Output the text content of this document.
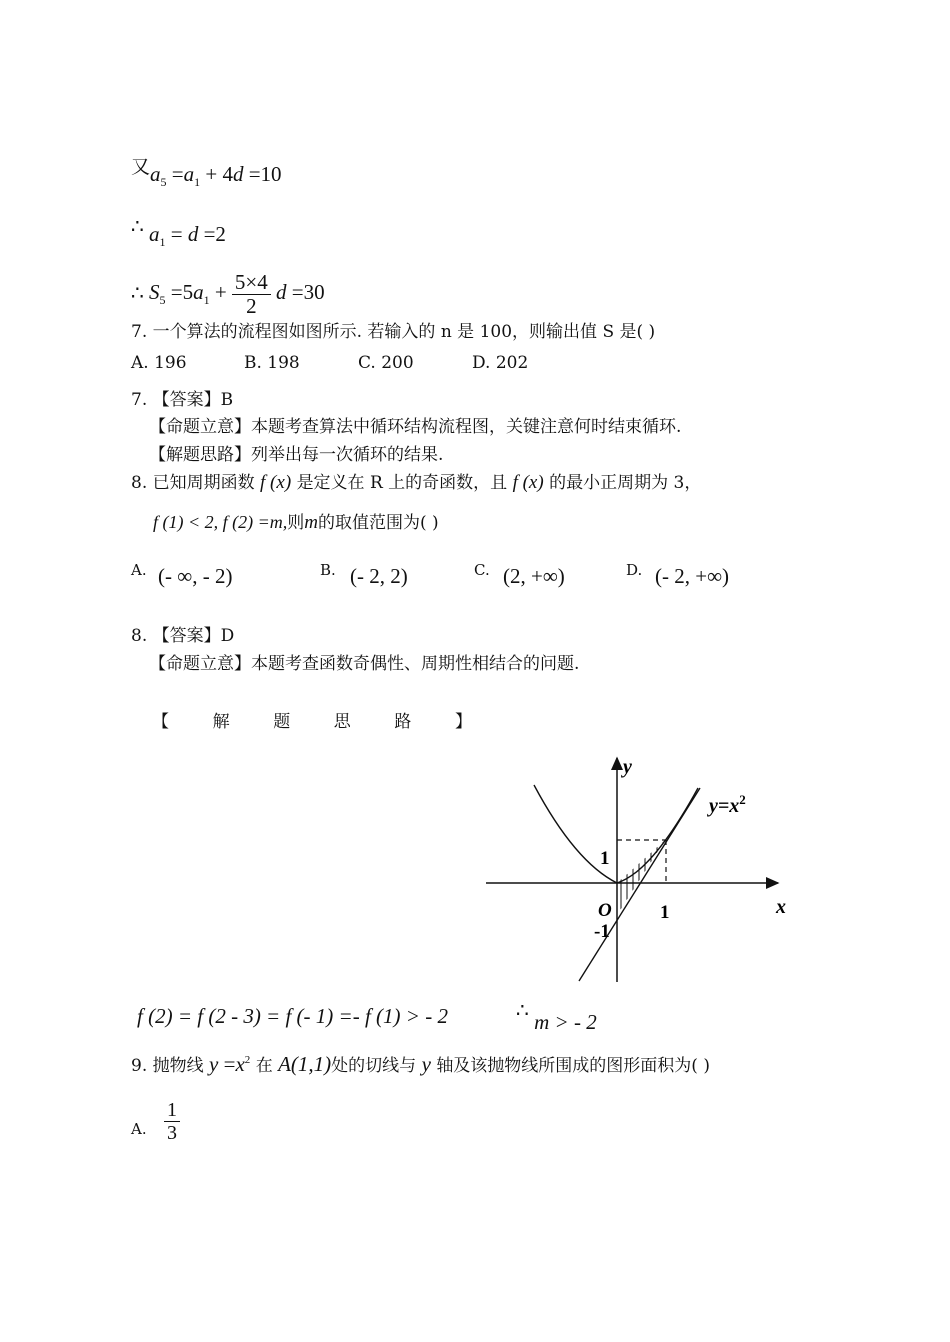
又$a_5 =a_1 + 4d =10$
∴ $a_1 = d =2$
∴ $S_5 =5a_1 + \frac{5\times 4}{2}$ d =30
7. 一个算法的流程图如图所示. 若输入的 n 是 100，则输出值 S 是( )
A. 196	B. 198	C. 200	D. 202
7. 【答案】B
【命题立意】本题考查算法中循环结构流程图，关键注意何时结束循环.
【解题思路】列举出每一次循环的结果.
8. 已知周期函数 f (x) 是定义在 R 上的奇函数，且 f (x) 的最小正周期为 3，
f (1) < 2, f (2) =m,则m的取值范围为( )
A. (- ∞, - 2)	B. (- 2, 2)	C. (2, +∞)	D. (- 2, +∞)
8. 【答案】D
【命题立意】本题考查函数奇偶性、周期性相结合的问题.
【	解	题	思	路	】
y
x
$y=x^2$
1
1
O
-1
f (2) = f (2 - 3) = f (- 1) =- f (1) > - 2	∴ m > - 2
9. 抛物线 $y =x^2$ 在 A(1,1)处的切线与 y 轴及该抛物线所围成的图形面积为( )
A. $\frac{1}{3}$
